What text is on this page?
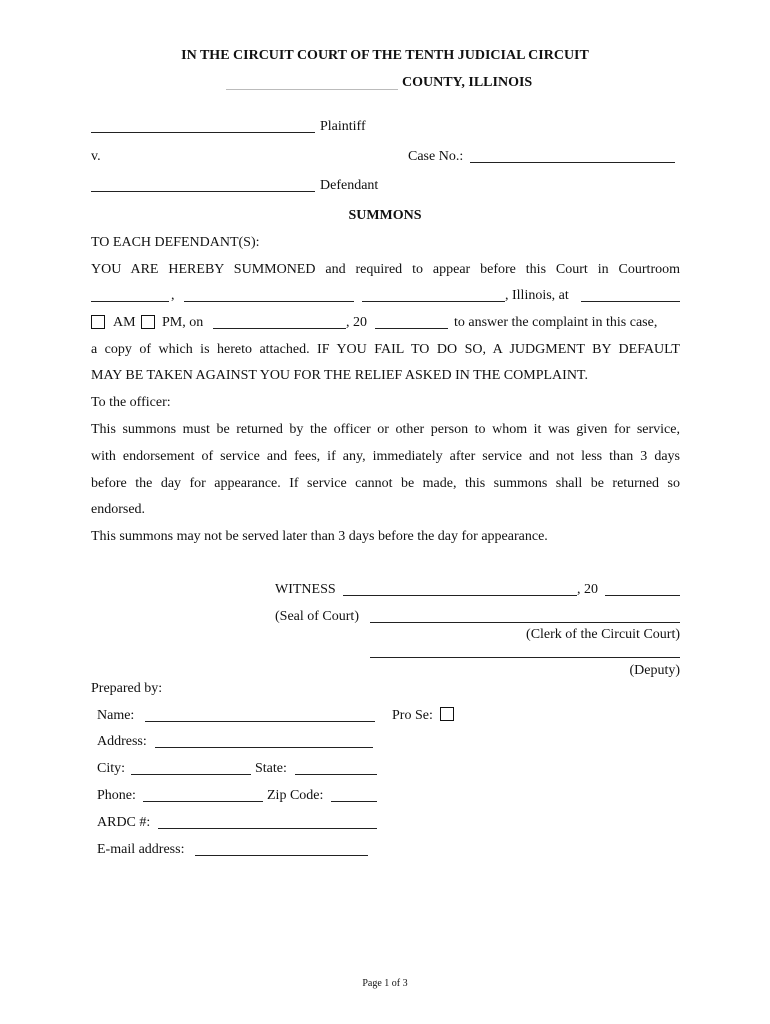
IN THE CIRCUIT COURT OF THE TENTH JUDICIAL CIRCUIT
COUNTY, ILLINOIS
Plaintiff
v.	Case No.:
Defendant
SUMMONS
TO EACH DEFENDANT(S):
YOU ARE HEREBY SUMMONED and required to appear before this Court in Courtroom
,	, Illinois, at
AM PM, on	, 20	to answer the complaint in this case,
a copy of which is hereto attached. IF YOU FAIL TO DO SO, A JUDGMENT BY DEFAULT
MAY BE TAKEN AGAINST YOU FOR THE RELIEF ASKED IN THE COMPLAINT.
To the officer:
This summons must be returned by the officer or other person to whom it was given for service,
with endorsement of service and fees, if any, immediately after service and not less than 3 days
before the day for appearance. If service cannot be made, this summons shall be returned so
endorsed.
This summons may not be served later than 3 days before the day for appearance.
WITNESS	, 20
(Seal of Court)
(Clerk of the Circuit Court)
(Deputy)
Prepared by:
Name:	Pro Se:
Address:
City:	State:
Phone:	Zip Code:
ARDC #:
E-mail address:
Page 1 of 3
